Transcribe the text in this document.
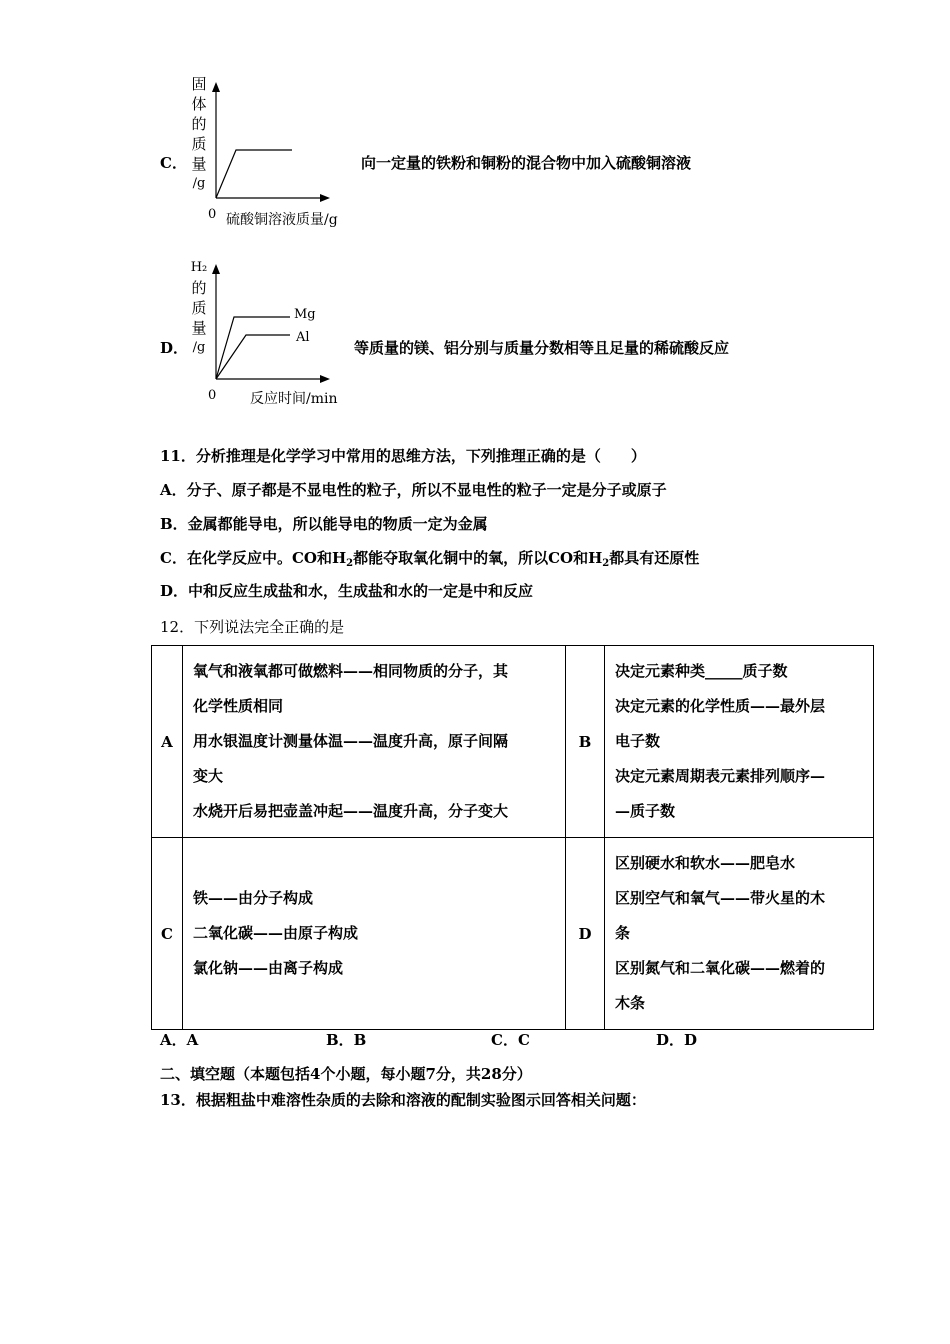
C．
固
体
的
质
量
/g
0 硫酸铜溶液质量/g
向一定量的铁粉和铜粉的混合物中加入硫酸铜溶液
D．
H₂
的
质
量
/g
Mg
Al
0 反应时间/min
等质量的镁、铝分别与质量分数相等且足量的稀硫酸反应
11．分析推理是化学学习中常用的思维方法，下列推理正确的是（　　）
A．分子、原子都是不显电性的粒子，所以不显电性的粒子一定是分子或原子
B．金属都能导电，所以能导电的物质一定为金属
C．在化学反应中。CO和$H_2$都能夺取氧化铜中的氧，所以CO和$H_2$都具有还原性
D．中和反应生成盐和水，生成盐和水的一定是中和反应
12．下列说法完全正确的是
A	氧气和液氧都可做燃料——相同物质的分子，其
化学性质相同
用水银温度计测量体温——温度升高，原子间隔
变大
水烧开后易把壶盖冲起——温度升高，分子变大	B	决定元素种类_____质子数
决定元素的化学性质——最外层
电子数
决定元素周期表元素排列顺序—
—质子数

C	铁——由分子构成
二氧化碳——由原子构成
氯化钠——由离子构成	D	区别硬水和软水——肥皂水
区别空气和氧气——带火星的木
条
区别氮气和二氧化碳——燃着的
木条
A．A	B．B	C．C	D．D
二、填空题（本题包括4个小题，每小题7分，共28分）
13．根据粗盐中难溶性杂质的去除和溶液的配制实验图示回答相关问题：
